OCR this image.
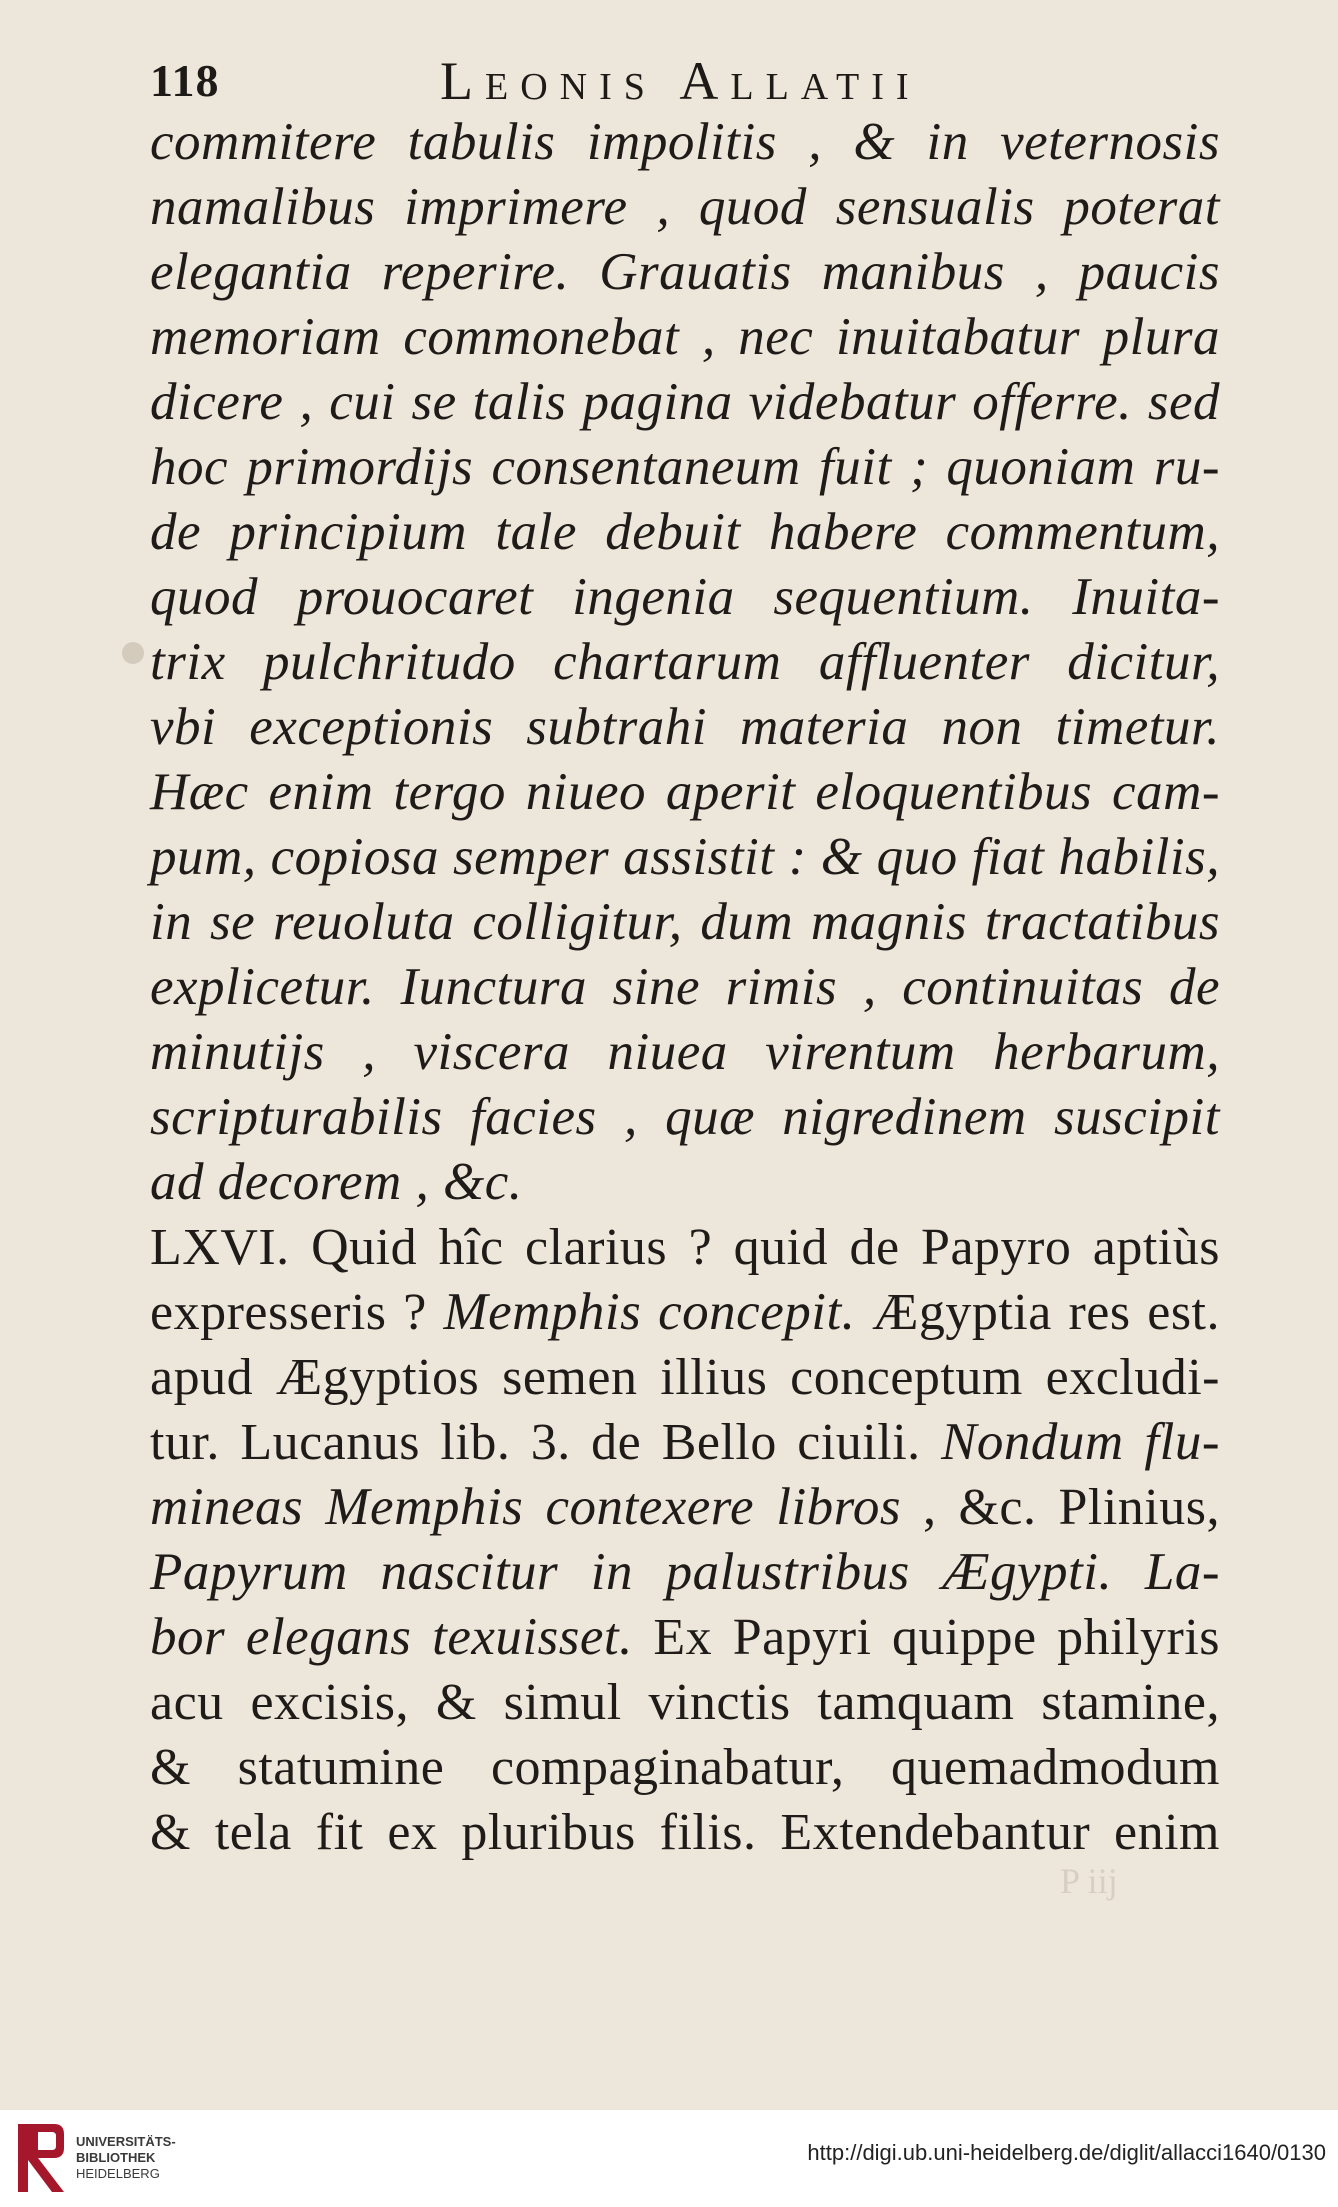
118	Leonis Allatii
commitere tabulis impolitis , & in veternosis
namalibus imprimere , quod sensualis poterat
elegantia reperire. Grauatis manibus , paucis
memoriam commonebat , nec inuitabatur plura
dicere , cui se talis pagina videbatur offerre. sed
hoc primordijs consentaneum fuit ; quoniam ru-
de principium tale debuit habere commentum,
quod prouocaret ingenia sequentium. Inuita-
trix pulchritudo chartarum affluenter dicitur,
vbi exceptionis subtrahi materia non timetur.
Hæc enim tergo niueo aperit eloquentibus cam-
pum, copiosa semper assistit : & quo fiat habilis,
in se reuoluta colligitur, dum magnis tractatibus
explicetur. Iunctura sine rimis , continuitas de
minutijs , viscera niuea virentum herbarum,
scripturabilis facies , quæ nigredinem suscipit
ad decorem , &c.
LXVI. Quid hîc clarius ? quid de Papyro aptiùs
expresseris ? Memphis concepit. Ægyptia res est.
apud Ægyptios semen illius conceptum excludi-
tur. Lucanus lib. 3. de Bello ciuili. Nondum flu-
mineas Memphis contexere libros , &c. Plinius,
Papyrum nascitur in palustribus Ægypti. La-
bor elegans texuisset. Ex Papyri quippe philyris
acu excisis, & simul vinctis tamquam stamine,
& statumine compaginabatur, quemadmodum
& tela fit ex pluribus filis. Extendebantur enim
P iij
UNIVERSITÄTS-
BIBLIOTHEK
HEIDELBERG
http://digi.ub.uni-heidelberg.de/diglit/allacci1640/0130
